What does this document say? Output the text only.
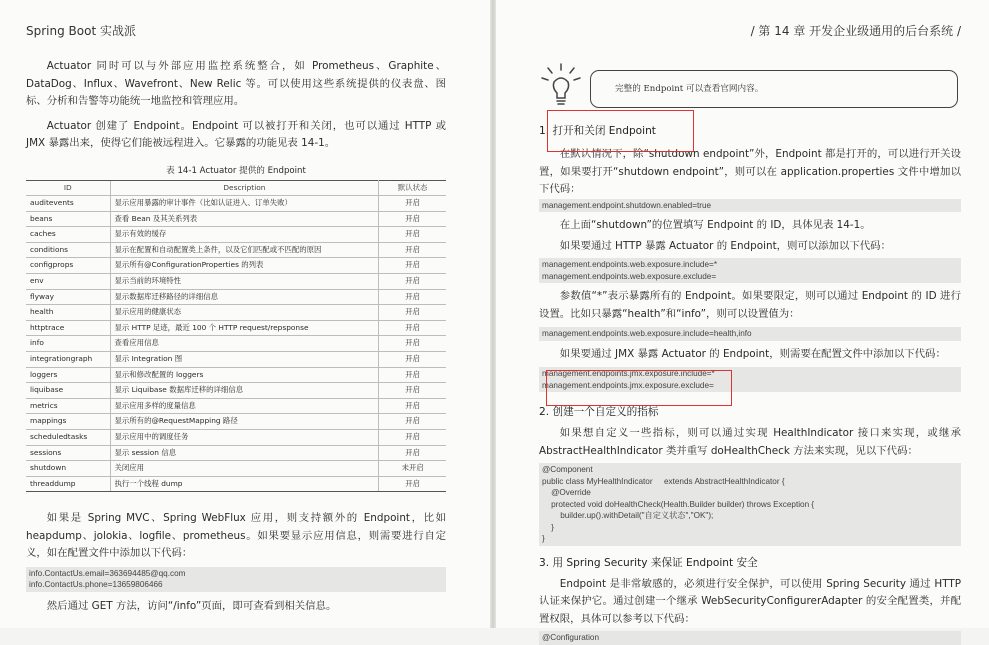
Spring Boot 实战派

Actuator 同时可以与外部应用监控系统整合，如 Prometheus、Graphite、DataDog、Influx、Wavefront、New Relic 等。可以使用这些系统提供的仪表盘、图标、分析和告警等功能统一地监控和管理应用。

Actuator 创建了 Endpoint。Endpoint 可以被打开和关闭，也可以通过 HTTP 或 JMX 暴露出来，使得它们能被远程进入。它暴露的功能见表 14-1。

表 14-1 Actuator 提供的 Endpoint
ID	Description	默认状态
auditevents	显示应用暴露的审计事件（比如认证进入、订单失败）	开启
beans	查看 Bean 及其关系列表	开启
caches	显示有效的缓存	开启
conditions	显示在配置和自动配置类上条件，以及它们匹配或不匹配的原因	开启
configprops	显示所有@ConfigurationProperties 的列表	开启
env	显示当前的环境特性	开启
flyway	显示数据库迁移路径的详细信息	开启
health	显示应用的健康状态	开启
httptrace	显示 HTTP 足迹，最近 100 个 HTTP request/repsponse	开启
info	查看应用信息	开启
integrationgraph	显示 Integration 图	开启
loggers	显示和修改配置的 loggers	开启
liquibase	显示 Liquibase 数据库迁移的详细信息	开启
metrics	显示应用多样的度量信息	开启
mappings	显示所有的@RequestMapping 路径	开启
scheduledtasks	显示应用中的调度任务	开启
sessions	显示 session 信息	开启
shutdown	关闭应用	未开启
threaddump	执行一个线程 dump	开启

如果是 Spring MVC、Spring WebFlux 应用，则支持额外的 Endpoint，比如 heapdump、jolokia、logfile、prometheus。如果要显示应用信息，则需要进行自定义，如在配置文件中添加以下代码：

info.ContactUs.email=363694485@qq.com
info.ContactUs.phone=13659806466

然后通过 GET 方法，访问“/info”页面，即可查看到相关信息。

/ 第 14 章 开发企业级通用的后台系统 /
1. 打开和关闭 Endpoint

在默认情况下，除“shutdown endpoint”外，Endpoint 都是打开的，可以进行开关设置，如果要打开“shutdown endpoint”，则可以在 application.properties 文件中增加以下代码：

management.endpoint.shutdown.enabled=true

在上面“shutdown”的位置填写 Endpoint 的 ID，具体见表 14-1。

如果要通过 HTTP 暴露 Actuator 的 Endpoint，则可以添加以下代码：

management.endpoints.web.exposure.include=*
management.endpoints.web.exposure.exclude=

参数值“*”表示暴露所有的 Endpoint。如果要限定，则可以通过 Endpoint 的 ID 进行设置。比如只暴露“health”和“info”，则可以设置值为：

management.endpoints.web.exposure.include=health,info

如果要通过 JMX 暴露 Actuator 的 Endpoint，则需要在配置文件中添加以下代码：

management.endpoints.jmx.exposure.include=*
management.endpoints.jmx.exposure.exclude=
2. 创建一个自定义的指标

如果想自定义一些指标，则可以通过实现 HealthIndicator 接口来实现，或继承 AbstractHealthIndicator 类并重写 doHealthCheck 方法来实现，见以下代码：

@Component
public class MyHealthIndicator     extends AbstractHealthIndicator {
@Override
protected void doHealthCheck(Health.Builder builder) throws Exception {
builder.up().withDetail("自定义状态","OK");
}
}
3. 用 Spring Security 来保证 Endpoint 安全

Endpoint 是非常敏感的，必须进行安全保护，可以使用 Spring Security 通过 HTTP 认证来保护它。通过创建一个继承 WebSecurityConfigurerAdapter 的安全配置类，并配置权限，具体可以参考以下代码：

@Configuration
完整的 Endpoint 可以查看官网内容。
